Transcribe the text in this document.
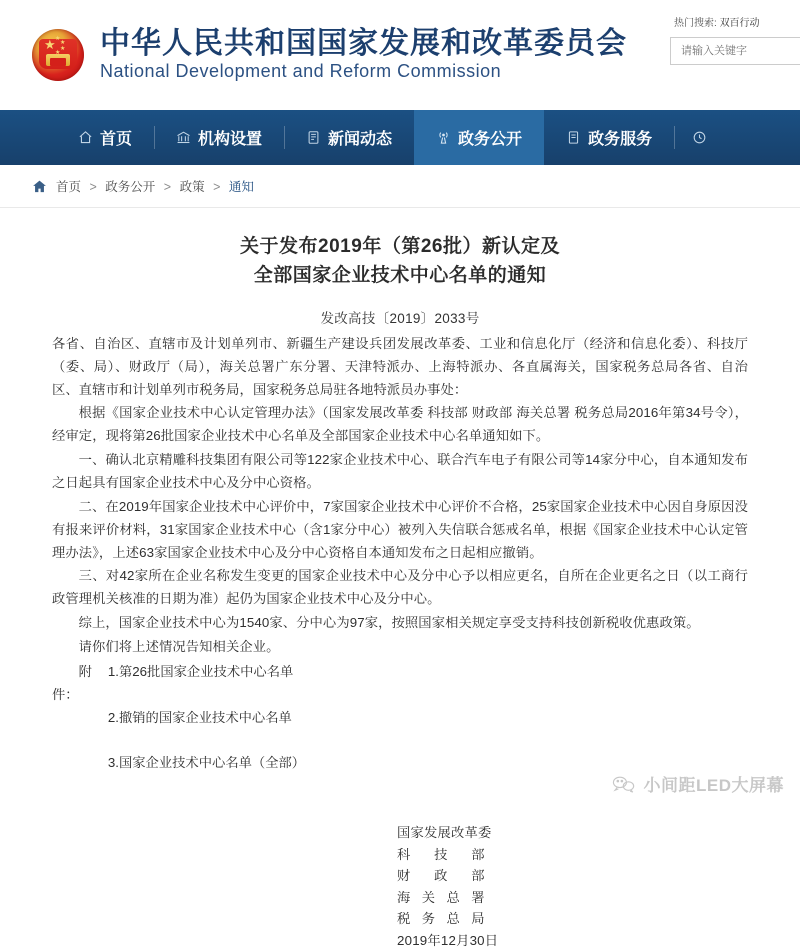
★ ★
★
★
★ 中华人民共和国国家发展和改革委员会
National Development and Reform Commission
热门搜索: 双百行动
请输入关键字
首页	机构设置	新闻动态	政务公开	政务服务
首页 > 政务公开 > 政策 > 通知
关于发布2019年（第26批）新认定及
全部国家企业技术中心名单的通知
发改高技〔2019〕2033号

各省、自治区、直辖市及计划单列市、新疆生产建设兵团发展改革委、工业和信息化厅（经济和信息化委）、科技厅（委、局）、财政厅（局），海关总署广东分署、天津特派办、上海特派办、各直属海关，国家税务总局各省、自治区、直辖市和计划单列市税务局，国家税务总局驻各地特派员办事处：

根据《国家企业技术中心认定管理办法》（国家发展改革委 科技部 财政部 海关总署 税务总局2016年第34号令），经审定，现将第26批国家企业技术中心名单及全部国家企业技术中心名单通知如下。

一、确认北京精雕科技集团有限公司等122家企业技术中心、联合汽车电子有限公司等14家分中心，自本通知发布之日起具有国家企业技术中心及分中心资格。

二、在2019年国家企业技术中心评价中，7家国家企业技术中心评价不合格，25家国家企业技术中心因自身原因没有报来评价材料，31家国家企业技术中心（含1家分中心）被列入失信联合惩戒名单，根据《国家企业技术中心认定管理办法》，上述63家国家企业技术中心及分中心资格自本通知发布之日起相应撤销。

三、对42家所在企业名称发生变更的国家企业技术中心及分中心予以相应更名，自所在企业更名之日（以工商行政管理机关核准的日期为准）起仍为国家企业技术中心及分中心。

综上，国家企业技术中心为1540家、分中心为97家，按照国家相关规定享受支持科技创新税收优惠政策。

请你们将上述情况告知相关企业。

附件：
1.第26批国家企业技术中心名单
2.撤销的国家企业技术中心名单
3.国家企业技术中心名单（全部）
国家发展改革委
科技部
财政部
海关总署
税务总局
2019年12月30日
小间距LED大屏幕
